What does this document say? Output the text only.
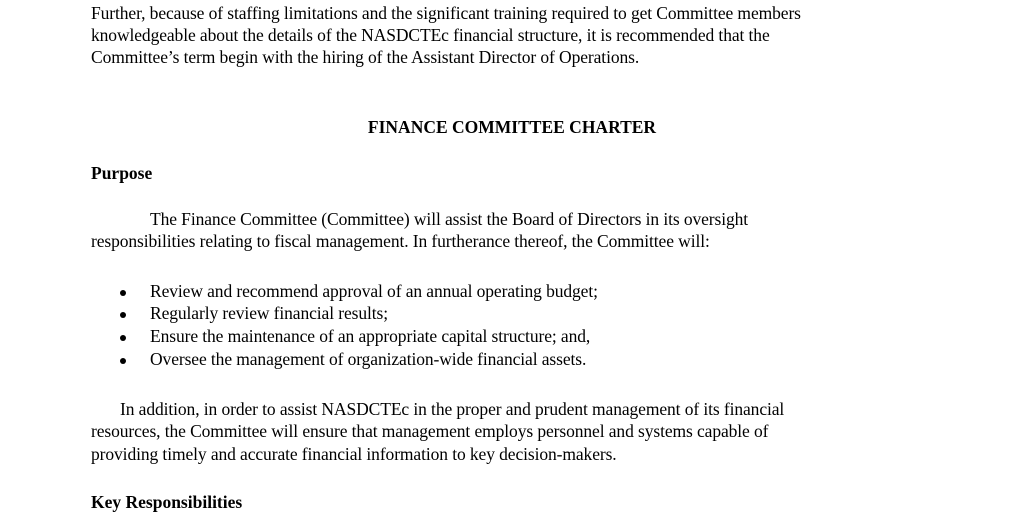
Further, because of staffing limitations and the significant training required to get Committee members
knowledgeable about the details of the NASDCTEc financial structure, it is recommended that the
Committee’s term begin with the hiring of the Assistant Director of Operations.
FINANCE COMMITTEE CHARTER
Purpose
The Finance Committee (Committee) will assist the Board of Directors in its oversight
responsibilities relating to fiscal management. In furtherance thereof, the Committee will:
Review and recommend approval of an annual operating budget;
Regularly review financial results;
Ensure the maintenance of an appropriate capital structure; and,
Oversee the management of organization-wide financial assets.
In addition, in order to assist NASDCTEc in the proper and prudent management of its financial
resources, the Committee will ensure that management employs personnel and systems capable of
providing timely and accurate financial information to key decision-makers.
Key Responsibilities
